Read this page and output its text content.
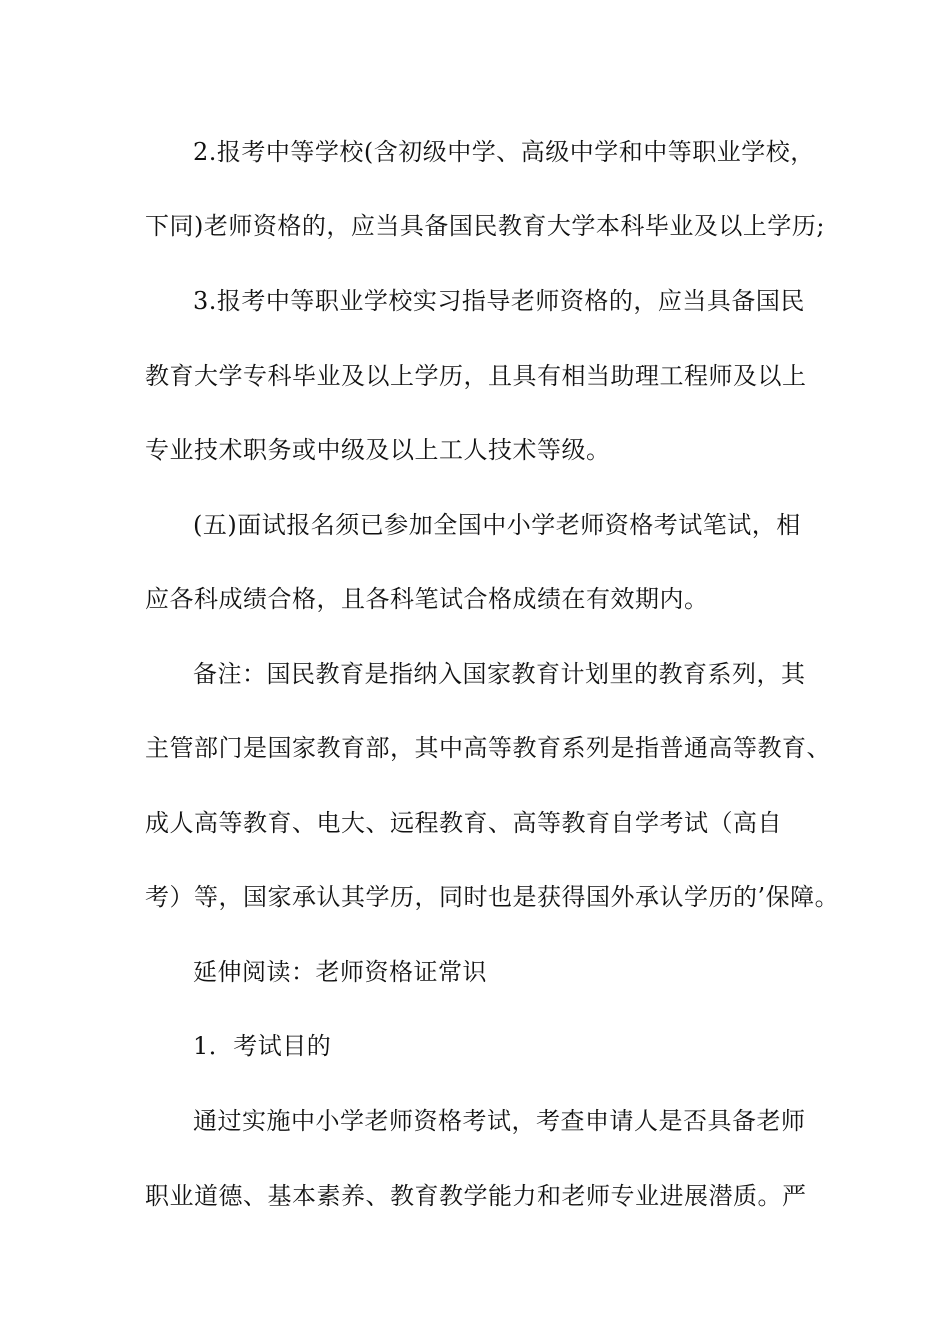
2.报考中等学校(含初级中学、高级中学和中等职业学校，
下同)老师资格的，应当具备国民教育大学本科毕业及以上学历;
3.报考中等职业学校实习指导老师资格的，应当具备国民
教育大学专科毕业及以上学历，且具有相当助理工程师及以上
专业技术职务或中级及以上工人技术等级。
(五)面试报名须已参加全国中小学老师资格考试笔试，相
应各科成绩合格，且各科笔试合格成绩在有效期内。
备注：国民教育是指纳入国家教育计划里的教育系列，其
主管部门是国家教育部，其中高等教育系列是指普通高等教育、
成人高等教育、电大、远程教育、高等教育自学考试（高自
考）等，国家承认其学历，同时也是获得国外承认学历的’保障。
延伸阅读：老师资格证常识
1．考试目的
通过实施中小学老师资格考试，考查申请人是否具备老师
职业道德、基本素养、教育教学能力和老师专业进展潜质。严
